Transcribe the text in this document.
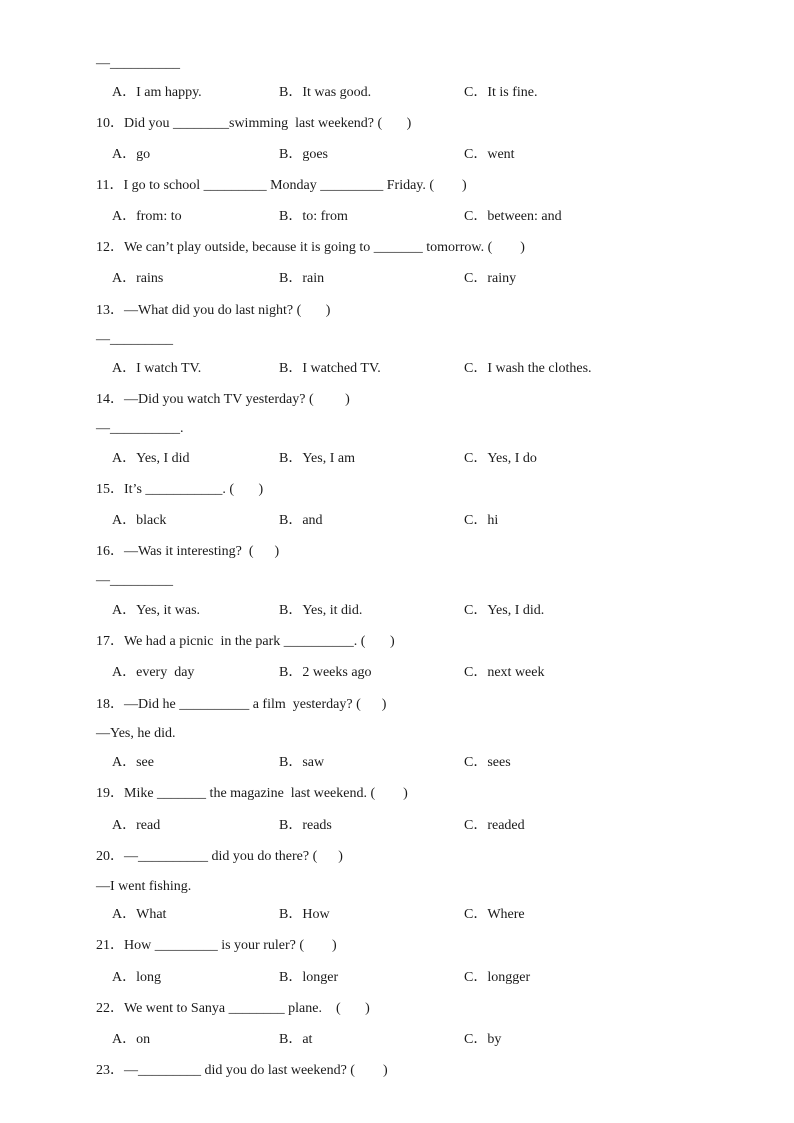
—__________
A．I am happy.	B．It was good.	C．It is fine.
10．Did you ________swimming  last weekend? (       )
A．go	B．goes	C．went
11．I go to school _________ Monday _________ Friday. (        )
A．from: to	B．to: from	C．between: and
12．We can’t play outside, because it is going to _______ tomorrow. (        )
A．rains	B．rain	C．rainy
13．—What did you do last night? (       )
—_________
A．I watch TV.	B．I watched TV.	C．I wash the clothes.
14．—Did you watch TV yesterday? (         )
—__________.
A．Yes, I did	B．Yes, I am	C．Yes, I do
15．It’s ___________. (       )
A．black	B．and	C．hi
16．—Was it interesting?  (      )
—_________
A．Yes, it was.	B．Yes, it did.	C．Yes, I did.
17．We had a picnic  in the park __________. (       )
A．every  day	B．2 weeks ago	C．next week
18．—Did he __________ a film  yesterday? (      )
—Yes, he did.
A．see	B．saw	C．sees
19．Mike _______ the magazine  last weekend. (        )
A．read	B．reads	C．readed
20．—__________ did you do there? (      )
—I went fishing.
A．What	B．How	C．Where
21．How _________ is your ruler? (        )
A．long	B．longer	C．longger
22．We went to Sanya ________ plane.    (       )
A．on	B．at	C．by
23．—_________ did you do last weekend? (        )
